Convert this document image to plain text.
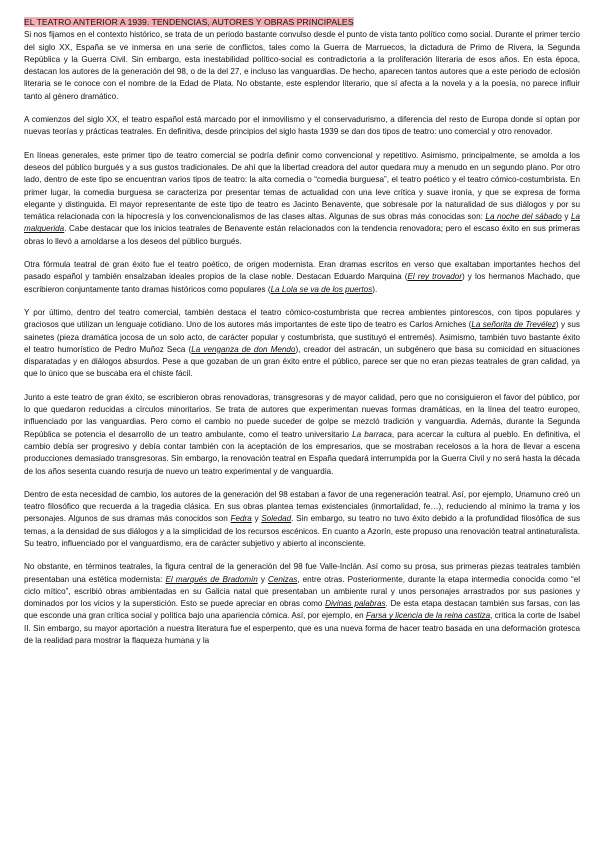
EL TEATRO ANTERIOR A 1939. TENDENCIAS, AUTORES Y OBRAS PRINCIPALES

Si nos fijamos en el contexto histórico, se trata de un periodo bastante convulso desde el punto de vista tanto político como social. Durante el primer tercio del siglo XX, España se ve inmersa en una serie de conflictos, tales como la Guerra de Marruecos, la dictadura de Primo de Rivera, la Segunda República y la Guerra Civil. Sin embargo, esta inestabilidad político-social es contradictoria a la proliferación literaria de esos años. En esta época, destacan los autores de la generación del 98, o de la del 27, e incluso las vanguardias. De hecho, aparecen tantos autores que a este periodo de eclosión literaria se le conoce con el nombre de la Edad de Plata. No obstante, este esplendor literario, que sí afecta a la novela y a la poesía, no parece influir tanto al género dramático.

A comienzos del siglo XX, el teatro español está marcado por el inmovilismo y el conservadurismo, a diferencia del resto de Europa donde sí optan por nuevas teorías y prácticas teatrales. En definitiva, desde principios del siglo hasta 1939 se dan dos tipos de teatro: uno comercial y otro renovador.

En líneas generales, este primer tipo de teatro comercial se podría definir como convencional y repetitivo. Asimismo, principalmente, se amolda a los deseos del público burgués y a sus gustos tradicionales. De ahí que la libertad creadora del autor quedara muy a menudo en un segundo plano. Por otro lado, dentro de este tipo se encuentran varios tipos de teatro: la alta comedia o “comedia burguesa”, el teatro poético y el teatro cómico-costumbrista. En primer lugar, la comedia burguesa se caracteriza por presentar temas de actualidad con una leve crítica y suave ironía, y que se expresa de forma elegante y distinguida. El mayor representante de este tipo de teatro es Jacinto Benavente, que sobresale por la naturalidad de sus diálogos y por su temática relacionada con la hipocresía y los convencionalismos de las clases altas. Algunas de sus obras más conocidas son: La noche del sábado y La malquerida. Cabe destacar que los inicios teatrales de Benavente están relacionados con la tendencia renovadora; pero el escaso éxito en sus primeras obras lo llevó a amoldarse a los deseos del público burgués.

Otra fórmula teatral de gran éxito fue el teatro poético, de origen modernista. Eran dramas escritos en verso que exaltaban importantes hechos del pasado español y también ensalzaban ideales propios de la clase noble. Destacan Eduardo Marquina (El rey trovador) y los hermanos Machado, que escribieron conjuntamente tanto dramas históricos como populares (La Lola se va de los puertos).

Y por último, dentro del teatro comercial, también destaca el teatro cómico-costumbrista que recrea ambientes pintorescos, con tipos populares y graciosos que utilizan un lenguaje cotidiano. Uno de los autores más importantes de este tipo de teatro es Carlos Arniches (La señorita de Trevélez) y sus sainetes (pieza dramática jocosa de un solo acto, de carácter popular y costumbrista, que sustituyó el entremés). Asimismo, también tuvo bastante éxito el teatro humorístico de Pedro Muñoz Seca (La venganza de don Mendo), creador del astracán, un subgénero que basa su comicidad en situaciones disparatadas y en diálogos absurdos. Pese a que gozaban de un gran éxito entre el público, parece ser que no eran piezas teatrales de gran calidad, ya que lo único que se buscaba era el chiste fácil.

Junto a este teatro de gran éxito, se escribieron obras renovadoras, transgresoras y de mayor calidad, pero que no consiguieron el favor del público, por lo que quedaron reducidas a círculos minoritarios. Se trata de autores que experimentan nuevas formas dramáticas, en la línea del teatro europeo, influenciado por las vanguardias. Pero como el cambio no puede suceder de golpe se mezcló tradición y vanguardia. Además, durante la Segunda República se potencia el desarrollo de un teatro ambulante, como el teatro universitario La barraca, para acercar la cultura al pueblo. En definitiva, el cambio debía ser progresivo y debía contar también con la aceptación de los empresarios, que se mostraban recelosos a la hora de llevar a escena producciones demasiado transgresoras. Sin embargo, la renovación teatral en España quedará interrumpida por la Guerra Civil y no será hasta la década de los años sesenta cuando resurja de nuevo un teatro experimental y de vanguardia.

Dentro de esta necesidad de cambio, los autores de la generación del 98 estaban a favor de una regeneración teatral. Así, por ejemplo, Unamuno creó un teatro filosófico que recuerda a la tragedia clásica. En sus obras plantea temas existenciales (inmortalidad, fe…), reduciendo al mínimo la trama y los personajes. Algunos de sus dramas más conocidos son Fedra y Soledad. Sin embargo, su teatro no tuvo éxito debido a la profundidad filosófica de sus temas, a la densidad de sus diálogos y a la simplicidad de los recursos escénicos. En cuanto a Azorín, este propuso una renovación teatral antinaturalista. Su teatro, influenciado por el vanguardismo, era de carácter subjetivo y abierto al inconsciente.

No obstante, en términos teatrales, la figura central de la generación del 98 fue Valle-Inclán. Así como su prosa, sus primeras piezas teatrales también presentaban una estética modernista: El marqués de Bradomín y Cenizas, entre otras. Posteriormente, durante la etapa intermedia conocida como “el ciclo mítico”, escribió obras ambientadas en su Galicia natal que presentaban un ambiente rural y unos personajes arrastrados por sus pasiones y dominados por los vicios y la superstición. Esto se puede apreciar en obras como Divinas palabras. De esta etapa destacan también sus farsas, con las que esconde una gran crítica social y política bajo una apariencia cómica. Así, por ejemplo, en Farsa y licencia de la reina castiza, critica la corte de Isabel II. Sin embargo, su mayor aportación a nuestra literatura fue el esperpento, que es una nueva forma de hacer teatro basada en una deformación grotesca de la realidad para mostrar la flaqueza humana y la
